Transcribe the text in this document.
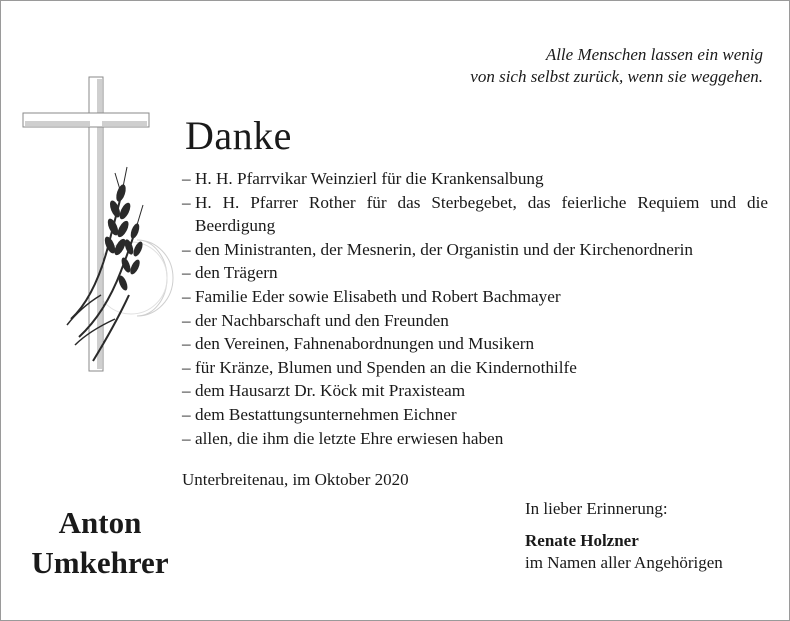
Alle Menschen lassen ein wenig
von sich selbst zurück, wenn sie weggehen.
Danke
– H. H. Pfarrvikar Weinzierl für die Krankensalbung
– H. H. Pfarrer Rother für das Sterbegebet, das feierliche Requiem und die Beerdigung
– den Ministranten, der Mesnerin, der Organistin und der Kirchenordnerin
– den Trägern
– Familie Eder sowie Elisabeth und Robert Bachmayer
– der Nachbarschaft und den Freunden
– den Vereinen, Fahnenabordnungen und Musikern
– für Kränze, Blumen und Spenden an die Kindernothilfe
– dem Hausarzt Dr. Köck mit Praxisteam
– dem Bestattungsunternehmen Eichner
– allen, die ihm die letzte Ehre erwiesen haben
Unterbreitenau, im Oktober 2020
Anton
Umkehrer
In lieber Erinnerung:
Renate Holzner
im Namen aller Angehörigen
